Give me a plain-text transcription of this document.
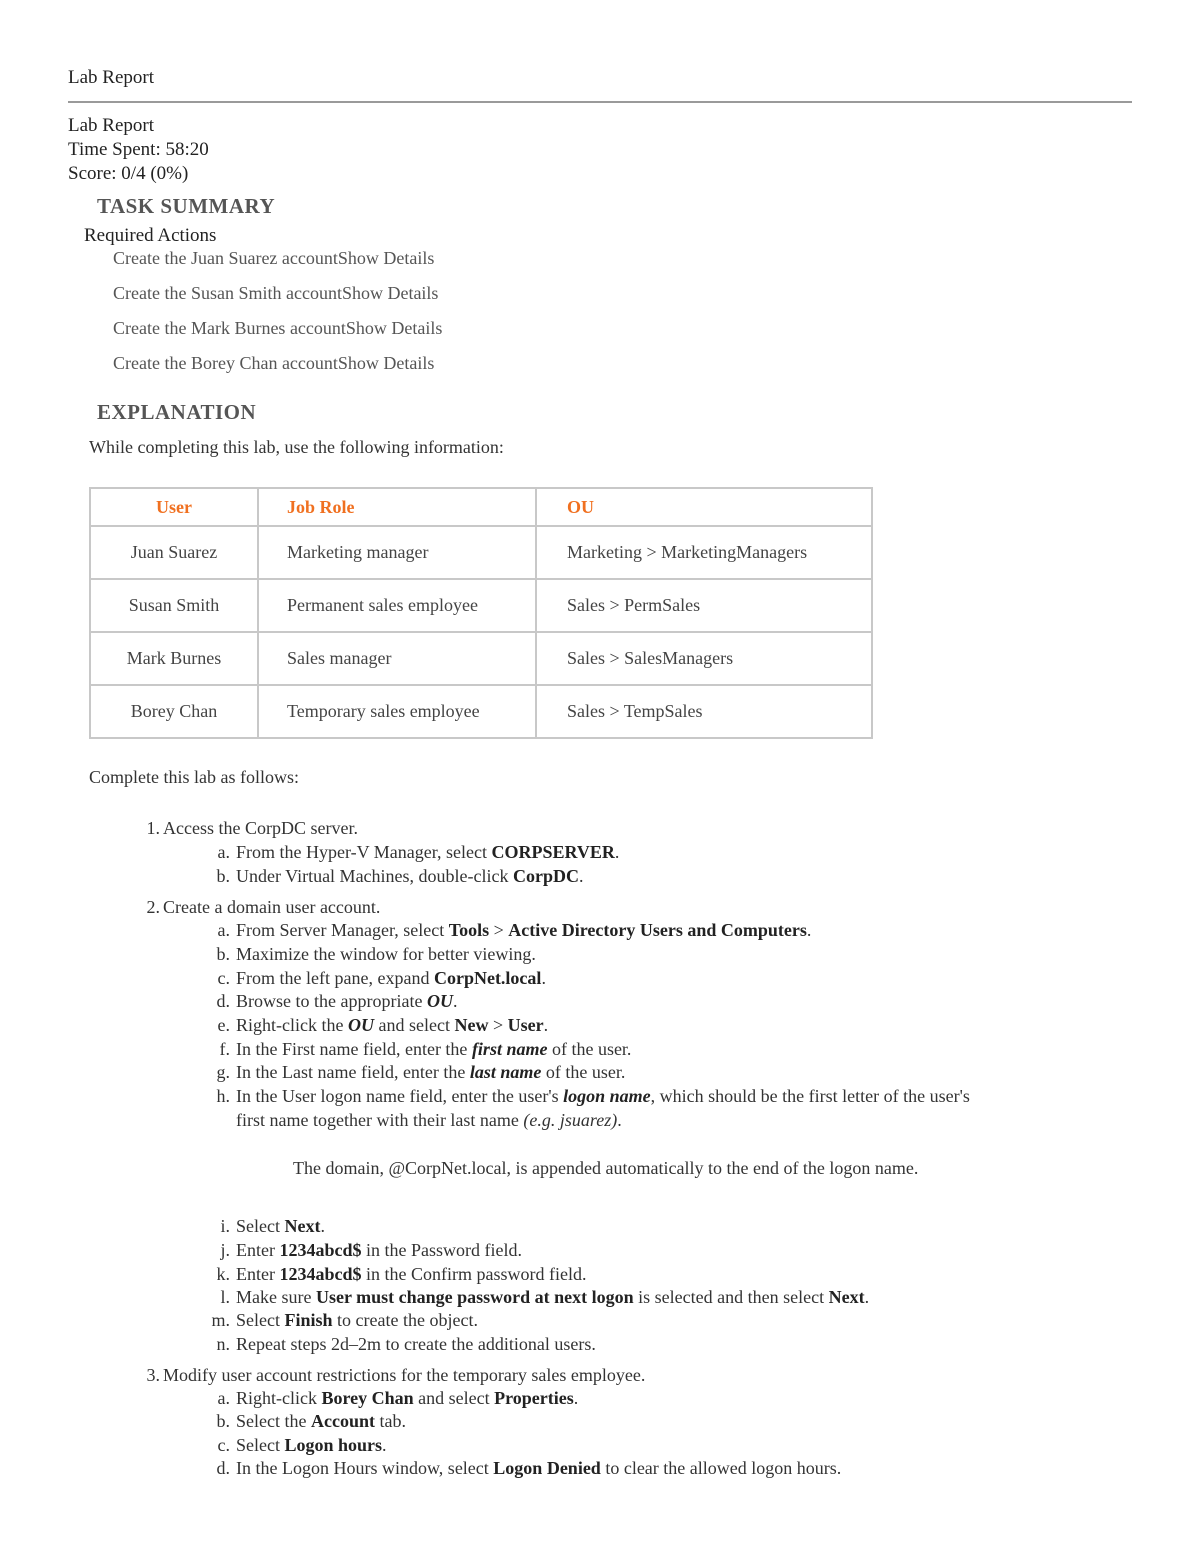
Lab Report
Lab Report
Time Spent: 58:20
Score: 0/4 (0%)
TASK SUMMARY
Required Actions
Create the Juan Suarez accountShow Details
Create the Susan Smith accountShow Details
Create the Mark Burnes accountShow Details
Create the Borey Chan accountShow Details
EXPLANATION
While completing this lab, use the following information:
User	Job Role	OU
Juan Suarez	Marketing manager	Marketing > MarketingManagers
Susan Smith	Permanent sales employee	Sales > PermSales
Mark Burnes	Sales manager	Sales > SalesManagers
Borey Chan	Temporary sales employee	Sales > TempSales
Complete this lab as follows:
1. Access the CorpDC server.
a. From the Hyper-V Manager, select CORPSERVER.
b. Under Virtual Machines, double-click CorpDC.
2. Create a domain user account.
a. From Server Manager, select Tools > Active Directory Users and Computers.
b. Maximize the window for better viewing.
c. From the left pane, expand CorpNet.local.
d. Browse to the appropriate OU.
e. Right-click the OU and select New > User.
f. In the First name field, enter the first name of the user.
g. In the Last name field, enter the last name of the user.
h. In the User logon name field, enter the user's logon name, which should be the first letter of the user's
first name together with their last name (e.g. jsuarez).
The domain, @CorpNet.local, is appended automatically to the end of the logon name.
i. Select Next.
j. Enter 1234abcd$ in the Password field.
k. Enter 1234abcd$ in the Confirm password field.
l. Make sure User must change password at next logon is selected and then select Next.
m. Select Finish to create the object.
n. Repeat steps 2d–2m to create the additional users.
3. Modify user account restrictions for the temporary sales employee.
a. Right-click Borey Chan and select Properties.
b. Select the Account tab.
c. Select Logon hours.
d. In the Logon Hours window, select Logon Denied to clear the allowed logon hours.
